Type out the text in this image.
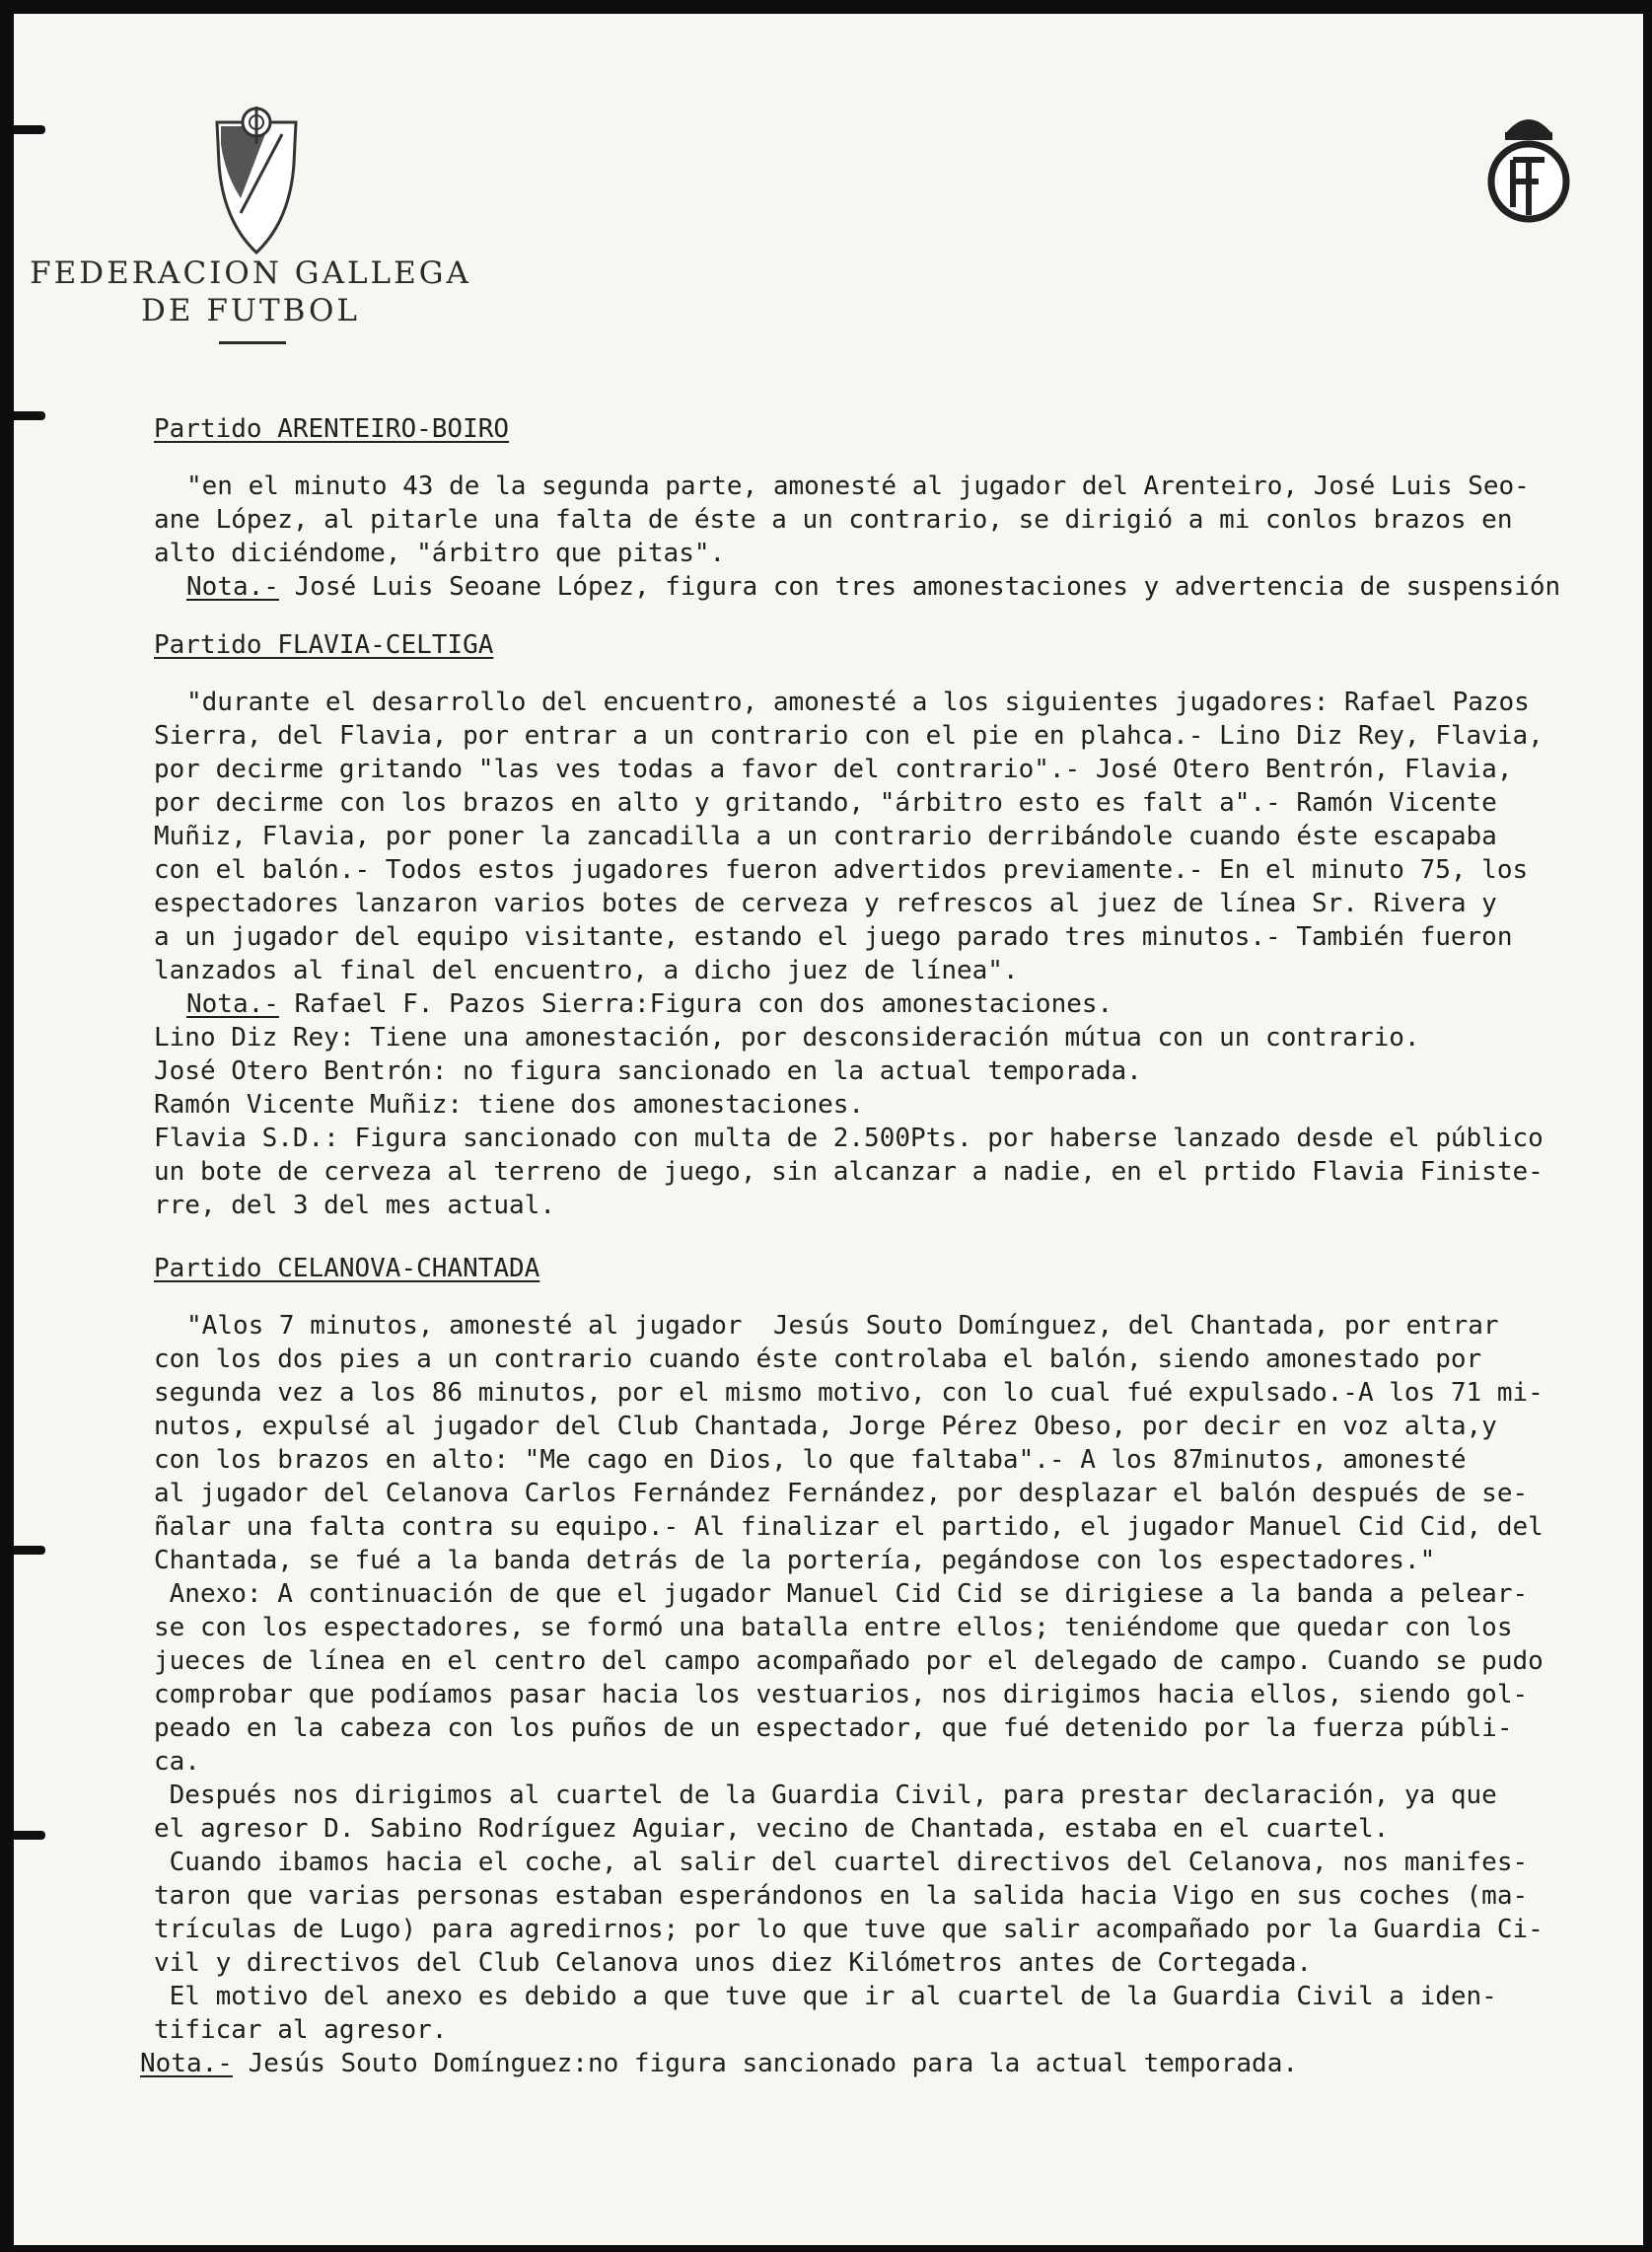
FEDERACION GALLEGA
DE FUTBOL
Partido ARENTEIRO-BOIRO
"en el minuto 43 de la segunda parte, amonesté al jugador del Arenteiro, José Luis Seo-
ane López, al pitarle una falta de éste a un contrario, se dirigió a mi conlos brazos en
alto diciéndome, "árbitro que pitas".
Nota.- José Luis Seoane López, figura con tres amonestaciones y advertencia de suspensión
Partido FLAVIA-CELTIGA
"durante el desarrollo del encuentro, amonesté a los siguientes jugadores: Rafael Pazos
Sierra, del Flavia, por entrar a un contrario con el pie en plahca.- Lino Diz Rey, Flavia,
por decirme gritando "las ves todas a favor del contrario".- José Otero Bentrón, Flavia,
por decirme con los brazos en alto y gritando, "árbitro esto es falt a".- Ramón Vicente
Muñiz, Flavia, por poner la zancadilla a un contrario derribándole cuando éste escapaba
con el balón.- Todos estos jugadores fueron advertidos previamente.- En el minuto 75, los
espectadores lanzaron varios botes de cerveza y refrescos al juez de línea Sr. Rivera y
a un jugador del equipo visitante, estando el juego parado tres minutos.- También fueron
lanzados al final del encuentro, a dicho juez de línea".
Nota.- Rafael F. Pazos Sierra:Figura con dos amonestaciones.
Lino Diz Rey: Tiene una amonestación, por desconsideración mútua con un contrario.
José Otero Bentrón: no figura sancionado en la actual temporada.
Ramón Vicente Muñiz: tiene dos amonestaciones.
Flavia S.D.: Figura sancionado con multa de 2.500Pts. por haberse lanzado desde el público
un bote de cerveza al terreno de juego, sin alcanzar a nadie, en el prtido Flavia Finiste-
rre, del 3 del mes actual.
Partido CELANOVA-CHANTADA
"Alos 7 minutos, amonesté al jugador  Jesús Souto Domínguez, del Chantada, por entrar
con los dos pies a un contrario cuando éste controlaba el balón, siendo amonestado por
segunda vez a los 86 minutos, por el mismo motivo, con lo cual fué expulsado.-A los 71 mi-
nutos, expulsé al jugador del Club Chantada, Jorge Pérez Obeso, por decir en voz alta,y
con los brazos en alto: "Me cago en Dios, lo que faltaba".- A los 87minutos, amonesté
al jugador del Celanova Carlos Fernández Fernández, por desplazar el balón después de se-
ñalar una falta contra su equipo.- Al finalizar el partido, el jugador Manuel Cid Cid, del
Chantada, se fué a la banda detrás de la portería, pegándose con los espectadores."
Anexo: A continuación de que el jugador Manuel Cid Cid se dirigiese a la banda a pelear-
se con los espectadores, se formó una batalla entre ellos; teniéndome que quedar con los
jueces de línea en el centro del campo acompañado por el delegado de campo. Cuando se pudo
comprobar que podíamos pasar hacia los vestuarios, nos dirigimos hacia ellos, siendo gol-
peado en la cabeza con los puños de un espectador, que fué detenido por la fuerza públi-
ca.
Después nos dirigimos al cuartel de la Guardia Civil, para prestar declaración, ya que
el agresor D. Sabino Rodríguez Aguiar, vecino de Chantada, estaba en el cuartel.
Cuando ibamos hacia el coche, al salir del cuartel directivos del Celanova, nos manifes-
taron que varias personas estaban esperándonos en la salida hacia Vigo en sus coches (ma-
trículas de Lugo) para agredirnos; por lo que tuve que salir acompañado por la Guardia Ci-
vil y directivos del Club Celanova unos diez Kilómetros antes de Cortegada.
El motivo del anexo es debido a que tuve que ir al cuartel de la Guardia Civil a iden-
tificar al agresor.
Nota.- Jesús Souto Domínguez:no figura sancionado para la actual temporada.
